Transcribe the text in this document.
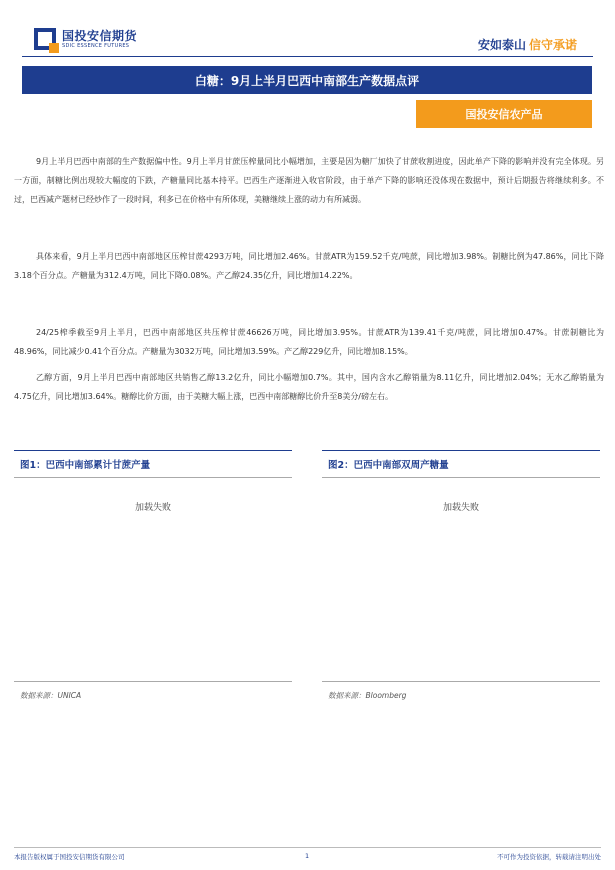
国投安信期货
SDIC ESSENCE FUTURES	安如泰山 信守承诺
白糖：9月上半月巴西中南部生产数据点评
国投安信农产品

9月上半月巴西中南部的生产数据偏中性。9月上半月甘蔗压榨量同比小幅增加，主要是因为糖厂加快了甘蔗收割进度，因此单产下降的影响并没有完全体现。另一方面，制糖比例出现较大幅度的下跌，产糖量同比基本持平。巴西生产逐渐进入收官阶段，由于单产下降的影响还没体现在数据中，预计后期报告将继续利多。不过，巴西减产题材已经炒作了一段时间，利多已在价格中有所体现，美糖继续上涨的动力有所减弱。

具体来看，9月上半月巴西中南部地区压榨甘蔗4293万吨，同比增加2.46%。甘蔗ATR为159.52千克/吨蔗，同比增加3.98%。制糖比例为47.86%，同比下降3.18个百分点。产糖量为312.4万吨，同比下降0.08%。产乙醇24.35亿升，同比增加14.22%。

24/25榨季截至9月上半月，巴西中南部地区共压榨甘蔗46626万吨，同比增加3.95%。甘蔗ATR为139.41千克/吨蔗，同比增加0.47%。甘蔗制糖比为48.96%，同比减少0.41个百分点。产糖量为3032万吨，同比增加3.59%。产乙醇229亿升，同比增加8.15%。

乙醇方面，9月上半月巴西中南部地区共销售乙醇13.2亿升，同比小幅增加0.7%。其中，国内含水乙醇销量为8.11亿升，同比增加2.04%；无水乙醇销量为4.75亿升，同比增加3.64%。糖醇比价方面，由于美糖大幅上涨，巴西中南部糖醇比价升至8美分/磅左右。

图1：巴西中南部累计甘蔗产量
加载失败
数据来源：UNICA
图2：巴西中南部双周产糖量
加载失败
数据来源：Bloomberg
本报告版权属于国投安信期货有限公司	1	不可作为投资依据，转载请注明出处
